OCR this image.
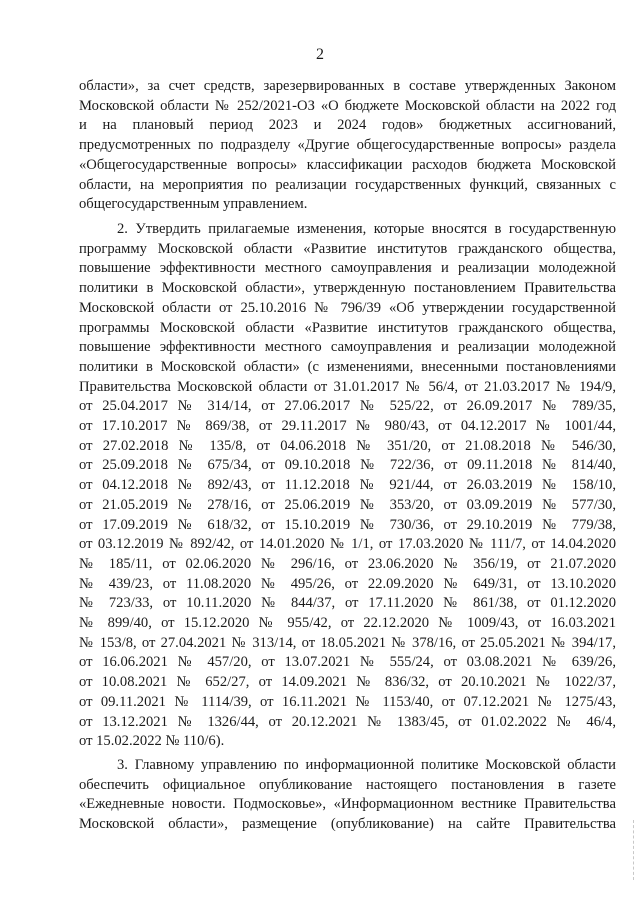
2
области», за счет средств, зарезервированных в составе утвержденных Законом
Московской области № 252/2021-ОЗ «О бюджете Московской области на 2022 год
и на плановый период 2023 и 2024 годов» бюджетных ассигнований,
предусмотренных по подразделу «Другие общегосударственные вопросы» раздела
«Общегосударственные вопросы» классификации расходов бюджета Московской
области, на мероприятия по реализации государственных функций, связанных с
общегосударственным управлением.
2. Утвердить прилагаемые изменения, которые вносятся в государственную
программу Московской области «Развитие институтов гражданского общества,
повышение эффективности местного самоуправления и реализации молодежной
политики в Московской области», утвержденную постановлением Правительства
Московской области от 25.10.2016 № 796/39 «Об утверждении государственной
программы Московской области «Развитие институтов гражданского общества,
повышение эффективности местного самоуправления и реализации молодежной
политики в Московской области» (с изменениями, внесенными постановлениями
Правительства Московской области от 31.01.2017 № 56/4, от 21.03.2017 № 194/9,
от 25.04.2017 № 314/14, от 27.06.2017 № 525/22, от 26.09.2017 № 789/35,
от 17.10.2017 № 869/38, от 29.11.2017 № 980/43, от 04.12.2017 № 1001/44,
от 27.02.2018 № 135/8, от 04.06.2018 № 351/20, от 21.08.2018 № 546/30,
от 25.09.2018 № 675/34, от 09.10.2018 № 722/36, от 09.11.2018 № 814/40,
от 04.12.2018 № 892/43, от 11.12.2018 № 921/44, от 26.03.2019 № 158/10,
от 21.05.2019 № 278/16, от 25.06.2019 № 353/20, от 03.09.2019 № 577/30,
от 17.09.2019 № 618/32, от 15.10.2019 № 730/36, от 29.10.2019 № 779/38,
от 03.12.2019 № 892/42, от 14.01.2020 № 1/1, от 17.03.2020 № 111/7, от 14.04.2020
№ 185/11, от 02.06.2020 № 296/16, от 23.06.2020 № 356/19, от 21.07.2020
№ 439/23, от 11.08.2020 № 495/26, от 22.09.2020 № 649/31, от 13.10.2020
№ 723/33, от 10.11.2020 № 844/37, от 17.11.2020 № 861/38, от 01.12.2020
№ 899/40, от 15.12.2020 № 955/42, от 22.12.2020 № 1009/43, от 16.03.2021
№ 153/8, от 27.04.2021 № 313/14, от 18.05.2021 № 378/16, от 25.05.2021 № 394/17,
от 16.06.2021 № 457/20, от 13.07.2021 № 555/24, от 03.08.2021 № 639/26,
от 10.08.2021 № 652/27, от 14.09.2021 № 836/32, от 20.10.2021 № 1022/37,
от 09.11.2021 № 1114/39, от 16.11.2021 № 1153/40, от 07.12.2021 № 1275/43,
от 13.12.2021 № 1326/44, от 20.12.2021 № 1383/45, от 01.02.2022 № 46/4,
от 15.02.2022 № 110/6).
3. Главному управлению по информационной политике Московской области
обеспечить официальное опубликование настоящего постановления в газете
«Ежедневные новости. Подмосковье», «Информационном вестнике Правительства
Московской области», размещение (опубликование) на сайте Правительства
